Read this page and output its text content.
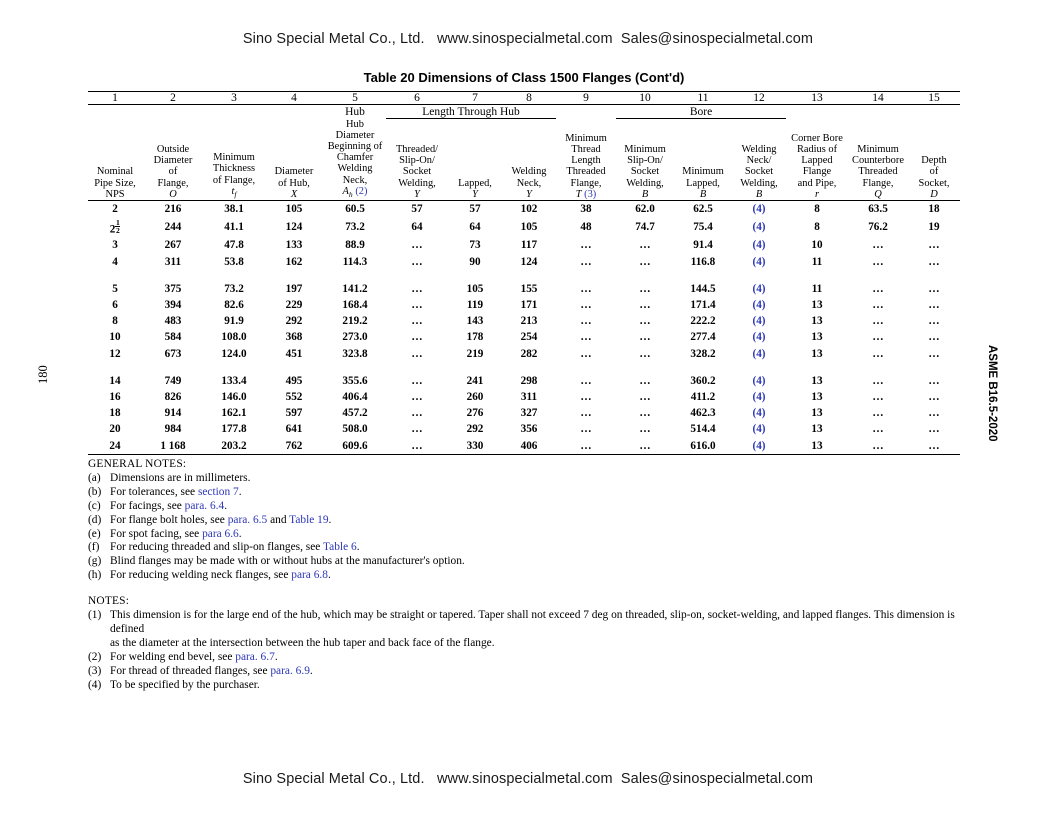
Sino Special Metal Co., Ltd.   www.sinospecialmetal.com  Sales@sinospecialmetal.com
180	ASME B16.5-2020
Table 20 Dimensions of Class 1500 Flanges (Cont'd)
1	2	3	4	5	6	7	8	9	10	11	12	13	14	15
				Hub	Length Through Hub				Bore					

Nominal
Pipe Size,
NPS

Outside
Diameter
of
Flange,
O

Minimum
Thickness
of Flange,
$t_f$

Diameter
of Hub,
X

Hub
Diameter
Beginning of
Chamfer
Welding
Neck,
$A_h$ (2)

Threaded/
Slip-On/
Socket
Welding,
Y

Lapped,
Y

Welding
Neck,
Y

Minimum
Thread
Length
Threaded
Flange,
T (3)

Minimum
Slip-On/
Socket
Welding,
B

Minimum
Lapped,
B

Welding
Neck/
Socket
Welding,
B

Corner Bore
Radius of
Lapped
Flange
and Pipe,
r

Minimum
Counterbore
Threaded
Flange,
Q

Depth
of
Socket,
D

2	216	38.1	105	60.5	57	57	102	38	62.0	62.5	(4)	8	63.5	18
$2 \frac{1}{2}$	244	41.1	124	73.2	64	64	105	48	74.7	75.4	(4)	8	76.2	19
3	267	47.8	133	88.9	…	73	117	…	…	91.4	(4)	10	…	…
4	311	53.8	162	114.3	…	90	124	…	…	116.8	(4)	11	…	…

5	375	73.2	197	141.2	…	105	155	…	…	144.5	(4)	11	…	…
6	394	82.6	229	168.4	…	119	171	…	…	171.4	(4)	13	…	…
8	483	91.9	292	219.2	…	143	213	…	…	222.2	(4)	13	…	…
10	584	108.0	368	273.0	…	178	254	…	…	277.4	(4)	13	…	…
12	673	124.0	451	323.8	…	219	282	…	…	328.2	(4)	13	…	…

14	749	133.4	495	355.6	…	241	298	…	…	360.2	(4)	13	…	…
16	826	146.0	552	406.4	…	260	311	…	…	411.2	(4)	13	…	…
18	914	162.1	597	457.2	…	276	327	…	…	462.3	(4)	13	…	…
20	984	177.8	641	508.0	…	292	356	…	…	514.4	(4)	13	…	…
24	1 168	203.2	762	609.6	…	330	406	…	…	616.0	(4)	13	…	…
GENERAL NOTES:
(a) Dimensions are in millimeters.
(b) For tolerances, see section 7.
(c) For facings, see para. 6.4.
(d) For flange bolt holes, see para. 6.5 and Table 19.
(e) For spot facing, see para 6.6.
(f) For reducing threaded and slip-on flanges, see Table 6.
(g) Blind flanges may be made with or without hubs at the manufacturer's option.
(h) For reducing welding neck flanges, see para 6.8.
NOTES:
(1) This dimension is for the large end of the hub, which may be straight or tapered. Taper shall not exceed 7 deg on threaded, slip-on, socket-welding, and lapped flanges. This dimension is defined
as the diameter at the intersection between the hub taper and back face of the flange.
(2) For welding end bevel, see para. 6.7.
(3) For thread of threaded flanges, see para. 6.9.
(4) To be specified by the purchaser.
Sino Special Metal Co., Ltd.   www.sinospecialmetal.com  Sales@sinospecialmetal.com
